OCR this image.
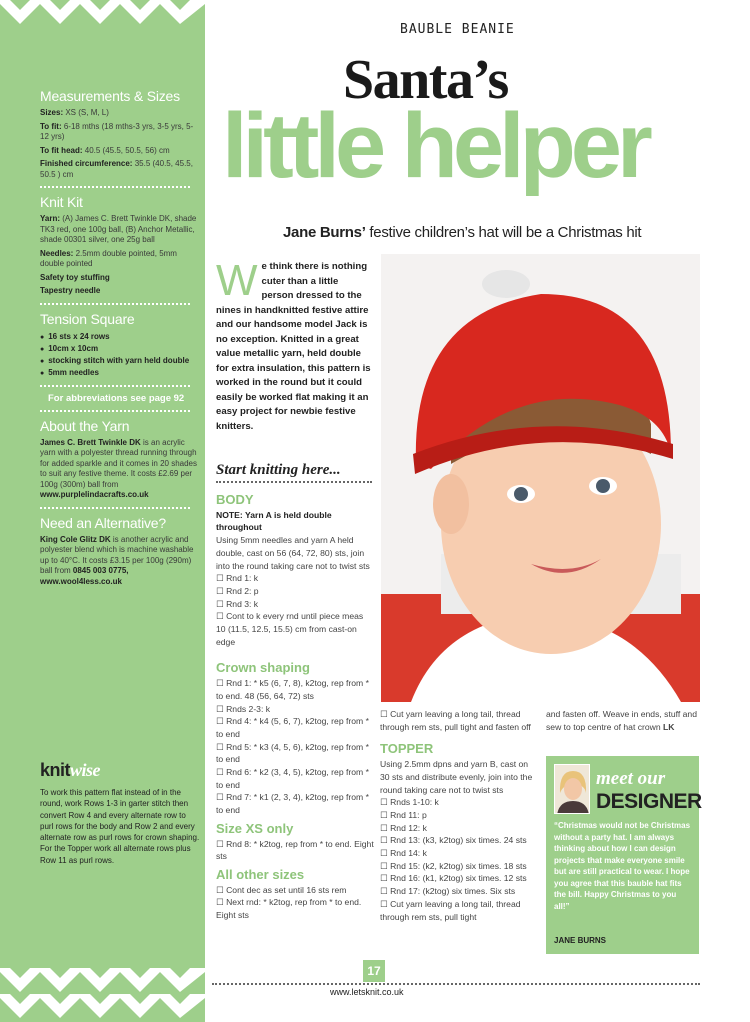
Measurements & Sizes

Sizes: XS (S, M, L)

To fit: 6-18 mths (18 mths-3 yrs, 3-5 yrs, 5-12 yrs)

To fit head: 40.5 (45.5, 50.5, 56) cm

Finished circumference: 35.5 (40.5, 45.5, 50.5 ) cm

Knit Kit

Yarn: (A) James C. Brett Twinkle DK, shade TK3 red, one 100g ball, (B) Anchor Metallic, shade 00301 silver, one 25g ball

Needles: 2.5mm double pointed, 5mm double pointed

Safety toy stuffing

Tapestry needle

Tension Square
● 16 sts x 24 rows
● 10cm x 10cm
● stocking stitch with yarn held double
● 5mm needles

For abbreviations see page 92

About the Yarn

James C. Brett Twinkle DK is an acrylic yarn with a polyester thread running through for added sparkle and it comes in 20 shades to suit any festive theme. It costs £2.69 per 100g (300m) ball from www.purplelindacrafts.co.uk

Need an Alternative?

King Cole Glitz DK is another acrylic and polyester blend which is machine washable up to 40°C. It costs £3.15 per 100g (290m) ball from 0845 003 0775,
www.wool4less.co.uk

knitwise

To work this pattern flat instead of in the round, work Rows 1-3 in garter stitch then convert Row 4 and every alternate row to purl rows for the body and Row 2 and every alternate row as purl rows for crown shaping. For the Topper work all alternate rows plus Row 11 as purl rows.

BAUBLE BEANIE
Santa’s
little helper
Jane Burns’ festive children’s hat will be a Christmas hit
We think there is nothing cuter than a little person dressed to the nines in handknitted festive attire and our handsome model Jack is no exception. Knitted in a great value metallic yarn, held double for extra insulation, this pattern is worked in the round but it could easily be worked flat making it an easy project for newbie festive knitters.
Start knitting here...
BODY

NOTE: Yarn A is held double throughout

Using 5mm needles and yarn A held double, cast on 56 (64, 72, 80) sts, join into the round taking care not to twist sts

☐ Rnd 1: k

☐ Rnd 2: p

☐ Rnd 3: k

☐ Cont to k every rnd until piece meas 10 (11.5, 12.5, 15.5) cm from cast-on edge

Crown shaping

☐ Rnd 1: * k5 (6, 7, 8), k2tog, rep from * to end. 48 (56, 64, 72) sts

☐ Rnds 2-3: k

☐ Rnd 4: * k4 (5, 6, 7), k2tog, rep from * to end

☐ Rnd 5: * k3 (4, 5, 6), k2tog, rep from * to end

☐ Rnd 6: * k2 (3, 4, 5), k2tog, rep from * to end

☐ Rnd 7: * k1 (2, 3, 4), k2tog, rep from * to end

Size XS only

☐ Rnd 8: * k2tog, rep from * to end. Eight sts

All other sizes

☐ Cont dec as set until 16 sts rem

☐ Next rnd: * k2tog, rep from * to end. Eight sts

☐ Cut yarn leaving a long tail, thread through rem sts, pull tight and fasten off

TOPPER

Using 2.5mm dpns and yarn B, cast on 30 sts and distribute evenly, join into the round taking care not to twist sts

☐ Rnds 1-10: k

☐ Rnd 11: p

☐ Rnd 12: k

☐ Rnd 13: (k3, k2tog) six times. 24 sts

☐ Rnd 14: k

☐ Rnd 15: (k2, k2tog) six times. 18 sts

☐ Rnd 16: (k1, k2tog) six times. 12 sts

☐ Rnd 17: (k2tog) six times. Six sts

☐ Cut yarn leaving a long tail, thread through rem sts, pull tight

and fasten off. Weave in ends, stuff and sew to top centre of hat crown LK

meet our
DESIGNER
“Christmas would not be Christmas without a party hat. I am always thinking about how I can design projects that make everyone smile but are still practical to wear. I hope you agree that this bauble hat fits the bill. Happy Christmas to you all!”
JANE BURNS
17
www.letsknit.co.uk
